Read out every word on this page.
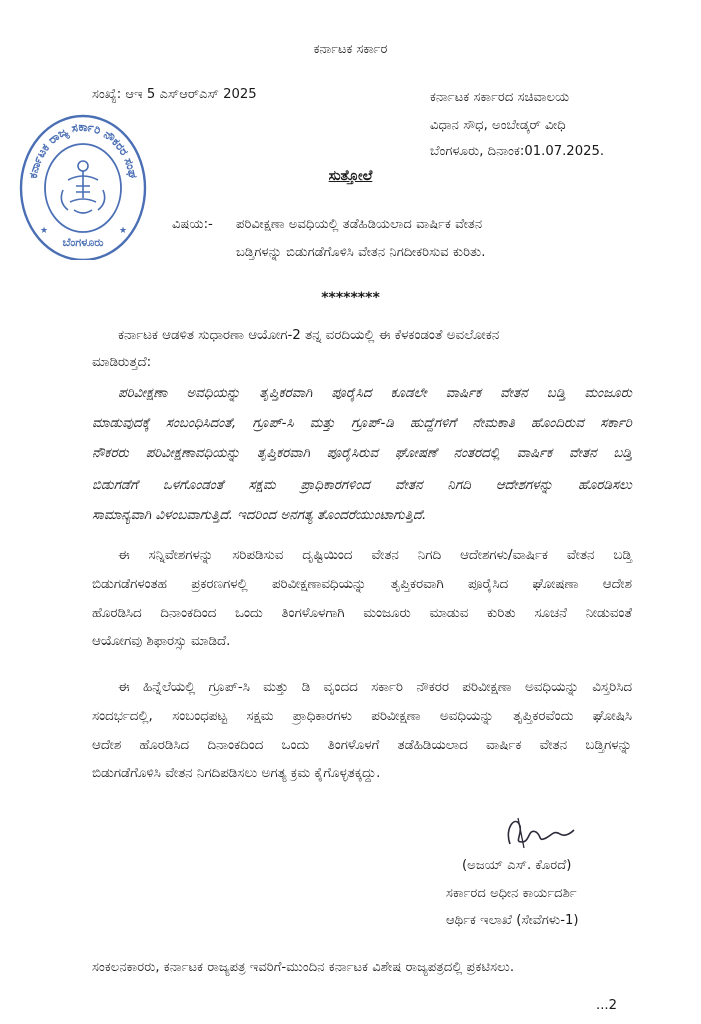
ಕರ್ನಾಟಕ ಸರ್ಕಾರ
ಸಂಖ್ಯೆ: ಆಇ 5 ಎಸ್‌ಆರ್‌ಎಸ್ 2025	ಕರ್ನಾಟಕ ಸರ್ಕಾರದ ಸಚಿವಾಲಯ
ವಿಧಾನ ಸೌಧ, ಅಂಬೇಡ್ಕರ್ ವೀಧಿ
ಬೆಂಗಳೂರು, ದಿನಾಂಕ:01.07.2025.
ಕರ್ನಾಟಕ ರಾಜ್ಯ ಸರ್ಕಾರಿ ನೌಕರರ ಸಂಘ
ಬೆಂಗಳೂರು
★	★
ಸುತ್ತೋಲೆ
ವಿಷಯ:- ಪರಿವೀಕ್ಷಣಾ ಅವಧಿಯಲ್ಲಿ ತಡೆಹಿಡಿಯಲಾದ ವಾರ್ಷಿಕ ವೇತನ
ಬಡ್ತಿಗಳನ್ನು ಬಿಡುಗಡೆಗೊಳಿಸಿ ವೇತನ ನಿಗದೀಕರಿಸುವ ಕುರಿತು.
********
ಕರ್ನಾಟಕ ಆಡಳಿತ ಸುಧಾರಣಾ ಆಯೋಗ-2 ತನ್ನ ವರದಿಯಲ್ಲಿ ಈ ಕೆಳಕಂಡಂತೆ ಅವಲೋಕನ
ಮಾಡಿರುತ್ತದೆ:
ಪರಿವೀಕ್ಷಣಾ ಅವಧಿಯನ್ನು ತೃಪ್ತಿಕರವಾಗಿ ಪೂರೈಸಿದ ಕೂಡಲೇ ವಾರ್ಷಿಕ ವೇತನ ಬಡ್ತಿ ಮಂಜೂರು
ಮಾಡುವುದಕ್ಕೆ ಸಂಬಂಧಿಸಿದಂತೆ, ಗ್ರೂಪ್-ಸಿ ಮತ್ತು ಗ್ರೂಪ್-ಡಿ ಹುದ್ದೆಗಳಿಗೆ ನೇಮಕಾತಿ ಹೊಂದಿರುವ ಸರ್ಕಾರಿ
ನೌಕರರು ಪರಿವೀಕ್ಷಣಾವಧಿಯನ್ನು ತೃಪ್ತಿಕರವಾಗಿ ಪೂರೈಸಿರುವ ಘೋಷಣೆ ನಂತರದಲ್ಲಿ ವಾರ್ಷಿಕ ವೇತನ ಬಡ್ತಿ
ಬಿಡುಗಡೆಗೆ ಒಳಗೊಂಡಂತೆ ಸಕ್ಷಮ ಪ್ರಾಧಿಕಾರಗಳಿಂದ ವೇತನ ನಿಗದಿ ಆದೇಶಗಳನ್ನು ಹೊರಡಿಸಲು
ಸಾಮಾನ್ಯವಾಗಿ ವಿಳಂಬವಾಗುತ್ತಿದೆ. ಇದರಿಂದ ಅನಗತ್ಯ ತೊಂದರೆಯುಂಟಾಗುತ್ತಿದೆ.
ಈ ಸನ್ನಿವೇಶಗಳನ್ನು ಸರಿಪಡಿಸುವ ದೃಷ್ಟಿಯಿಂದ ವೇತನ ನಿಗದಿ ಆದೇಶಗಳು/ವಾರ್ಷಿಕ ವೇತನ ಬಡ್ತಿ
ಬಿಡುಗಡೆಗಳಂತಹ ಪ್ರಕರಣಗಳಲ್ಲಿ ಪರಿವೀಕ್ಷಣಾವಧಿಯನ್ನು ತೃಪ್ತಿಕರವಾಗಿ ಪೂರೈಸಿದ ಘೋಷಣಾ ಆದೇಶ
ಹೊರಡಿಸಿದ ದಿನಾಂಕದಿಂದ ಒಂದು ತಿಂಗಳೊಳಗಾಗಿ ಮಂಜೂರು ಮಾಡುವ ಕುರಿತು ಸೂಚನೆ ನೀಡುವಂತೆ
ಆಯೋಗವು ಶಿಫಾರಸ್ಸು ಮಾಡಿದೆ.
ಈ ಹಿನ್ನೆಲೆಯಲ್ಲಿ ಗ್ರೂಪ್-ಸಿ ಮತ್ತು ಡಿ ವೃಂದದ ಸರ್ಕಾರಿ ನೌಕರರ ಪರಿವೀಕ್ಷಣಾ ಅವಧಿಯನ್ನು ವಿಸ್ತರಿಸಿದ
ಸಂದರ್ಭದಲ್ಲಿ, ಸಂಬಂಧಪಟ್ಟ ಸಕ್ಷಮ ಪ್ರಾಧಿಕಾರಗಳು ಪರಿವೀಕ್ಷಣಾ ಅವಧಿಯನ್ನು ತೃಪ್ತಿಕರವೆಂದು ಘೋಷಿಸಿ
ಆದೇಶ ಹೊರಡಿಸಿದ ದಿನಾಂಕದಿಂದ ಒಂದು ತಿಂಗಳೊಳಗೆ ತಡೆಹಿಡಿಯಲಾದ ವಾರ್ಷಿಕ ವೇತನ ಬಡ್ತಿಗಳನ್ನು
ಬಿಡುಗಡೆಗೊಳಿಸಿ ವೇತನ ನಿಗದಿಪಡಿಸಲು ಅಗತ್ಯ ಕ್ರಮ ಕೈಗೊಳ್ಳತಕ್ಕದ್ದು.
(ಅಜಯ್ ಎಸ್. ಕೊರದೆ)
ಸರ್ಕಾರದ ಅಧೀನ ಕಾರ್ಯದರ್ಶಿ
ಆರ್ಥಿಕ ಇಲಾಖೆ (ಸೇವೆಗಳು-1)
ಸಂಕಲನಕಾರರು, ಕರ್ನಾಟಕ ರಾಜ್ಯಪತ್ರ ಇವರಿಗೆ-ಮುಂದಿನ ಕರ್ನಾಟಕ ವಿಶೇಷ ರಾಜ್ಯಪತ್ರದಲ್ಲಿ ಪ್ರಕಟಿಸಲು.
...2
